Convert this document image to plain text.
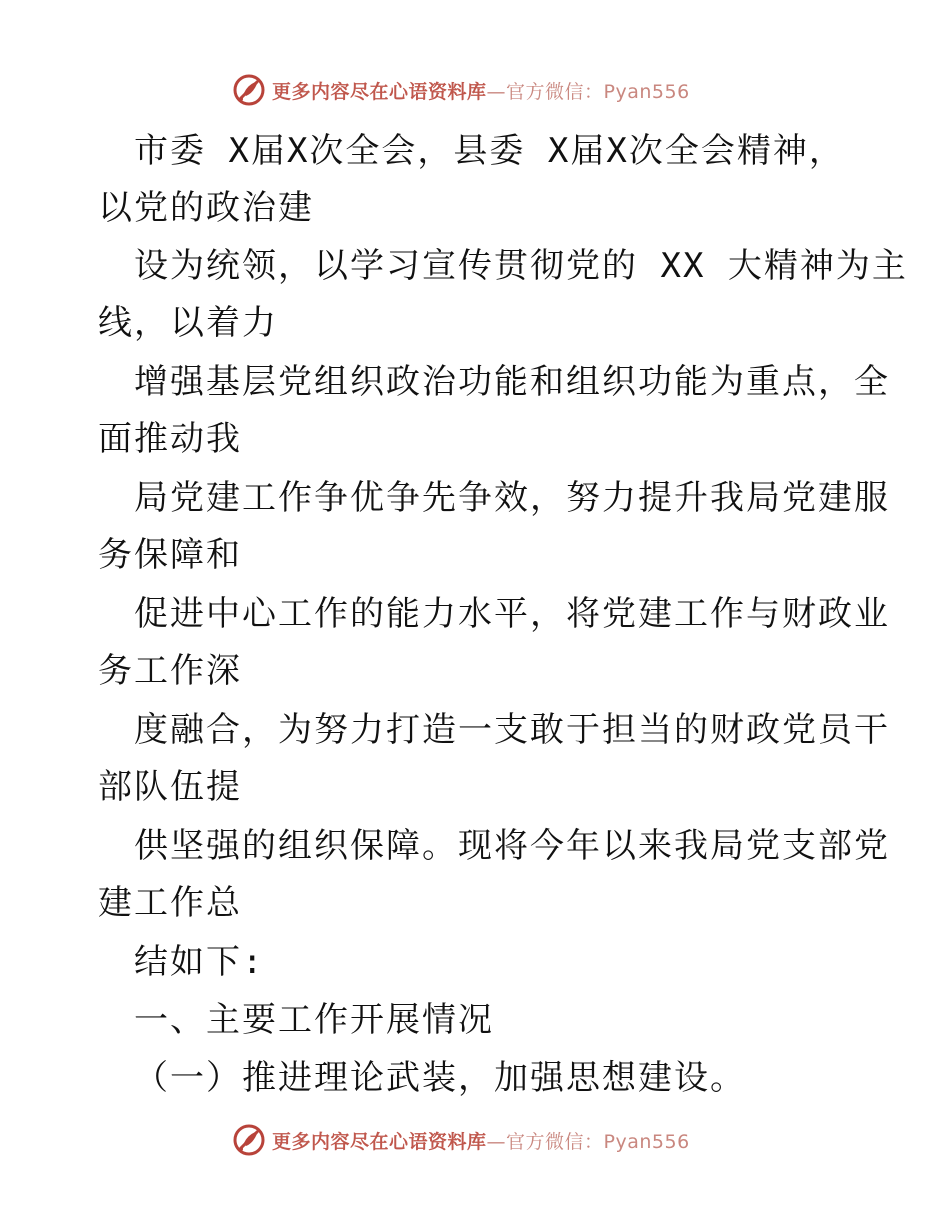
更多内容尽在心语资料库—官方微信：Pyan556
市委 X届X次全会，县委 X届X次全会精神，
以党的政治建
设为统领，以学习宣传贯彻党的 XX 大精神为主
线，以着力
增强基层党组织政治功能和组织功能为重点，全
面推动我
局党建工作争优争先争效，努力提升我局党建服
务保障和
促进中心工作的能力水平，将党建工作与财政业
务工作深
度融合，为努力打造一支敢于担当的财政党员干
部队伍提
供坚强的组织保障。现将今年以来我局党支部党
建工作总
结如下:
一、主要工作开展情况
（一）推进理论武装，加强思想建设。
更多内容尽在心语资料库—官方微信：Pyan556
